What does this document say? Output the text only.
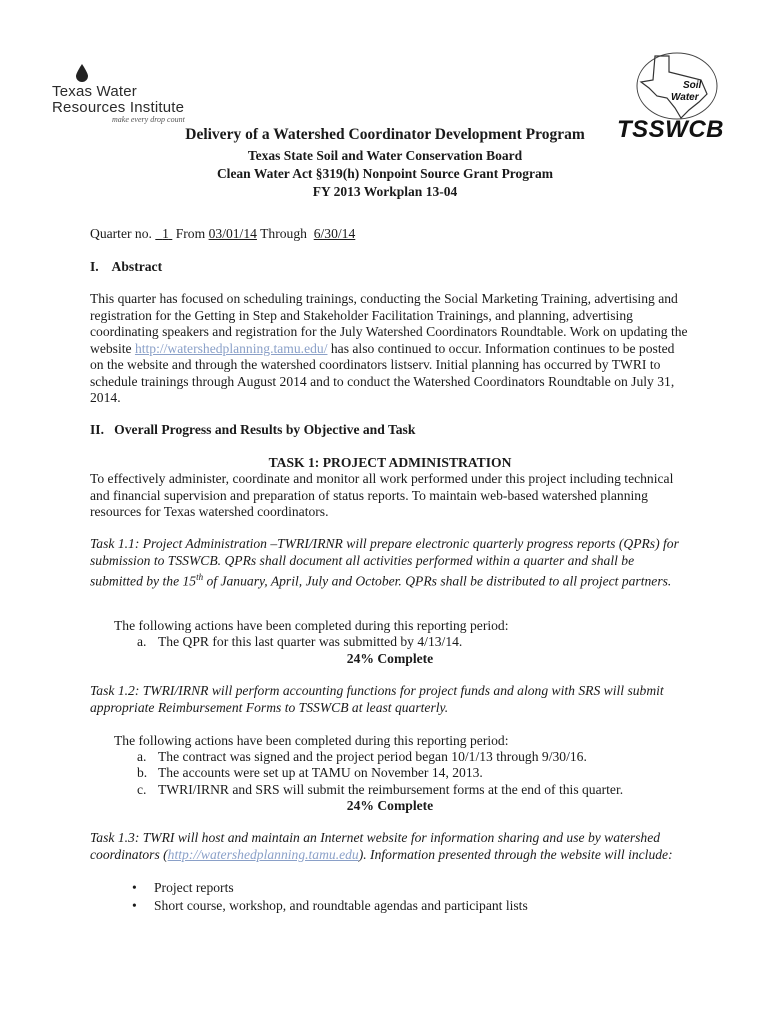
Texas Water
Resources Institute
make every drop count
Soil
Water
TSSWCB
Delivery of a Watershed Coordinator Development Program
Texas State Soil and Water Conservation Board
Clean Water Act §319(h) Nonpoint Source Grant Program
FY 2013 Workplan 13-04
Quarter no. 1 From 03/01/14 Through 6/30/14
I.    Abstract
This quarter has focused on scheduling trainings, conducting the Social Marketing Training, advertising and registration for the Getting in Step and Stakeholder Facilitation Trainings, and planning, advertising coordinating speakers and registration for the July Watershed Coordinators Roundtable. Work on updating the website http://watershedplanning.tamu.edu/ has also continued to occur. Information continues to be posted on the website and through the watershed coordinators listserv. Initial planning has occurred by TWRI to schedule trainings through August 2014 and to conduct the Watershed Coordinators Roundtable on July 31, 2014.
II.   Overall Progress and Results by Objective and Task
TASK 1: PROJECT ADMINISTRATION
To effectively administer, coordinate and monitor all work performed under this project including technical and financial supervision and preparation of status reports. To maintain web-based watershed planning resources for Texas watershed coordinators.
Task 1.1: Project Administration –TWRI/IRNR will prepare electronic quarterly progress reports (QPRs) for submission to TSSWCB. QPRs shall document all activities performed within a quarter and shall be submitted by the 15th of January, April, July and October. QPRs shall be distributed to all project partners.
The following actions have been completed during this reporting period:
a. The QPR for this last quarter was submitted by 4/13/14.
24% Complete
Task 1.2: TWRI/IRNR will perform accounting functions for project funds and along with SRS will submit appropriate Reimbursement Forms to TSSWCB at least quarterly.
The following actions have been completed during this reporting period:
a. The contract was signed and the project period began 10/1/13 through 9/30/16.
b. The accounts were set up at TAMU on November 14, 2013.
c. TWRI/IRNR and SRS will submit the reimbursement forms at the end of this quarter.
24% Complete
Task 1.3: TWRI will host and maintain an Internet website for information sharing and use by watershed coordinators (http://watershedplanning.tamu.edu). Information presented through the website will include:
• Project reports
• Short course, workshop, and roundtable agendas and participant lists
